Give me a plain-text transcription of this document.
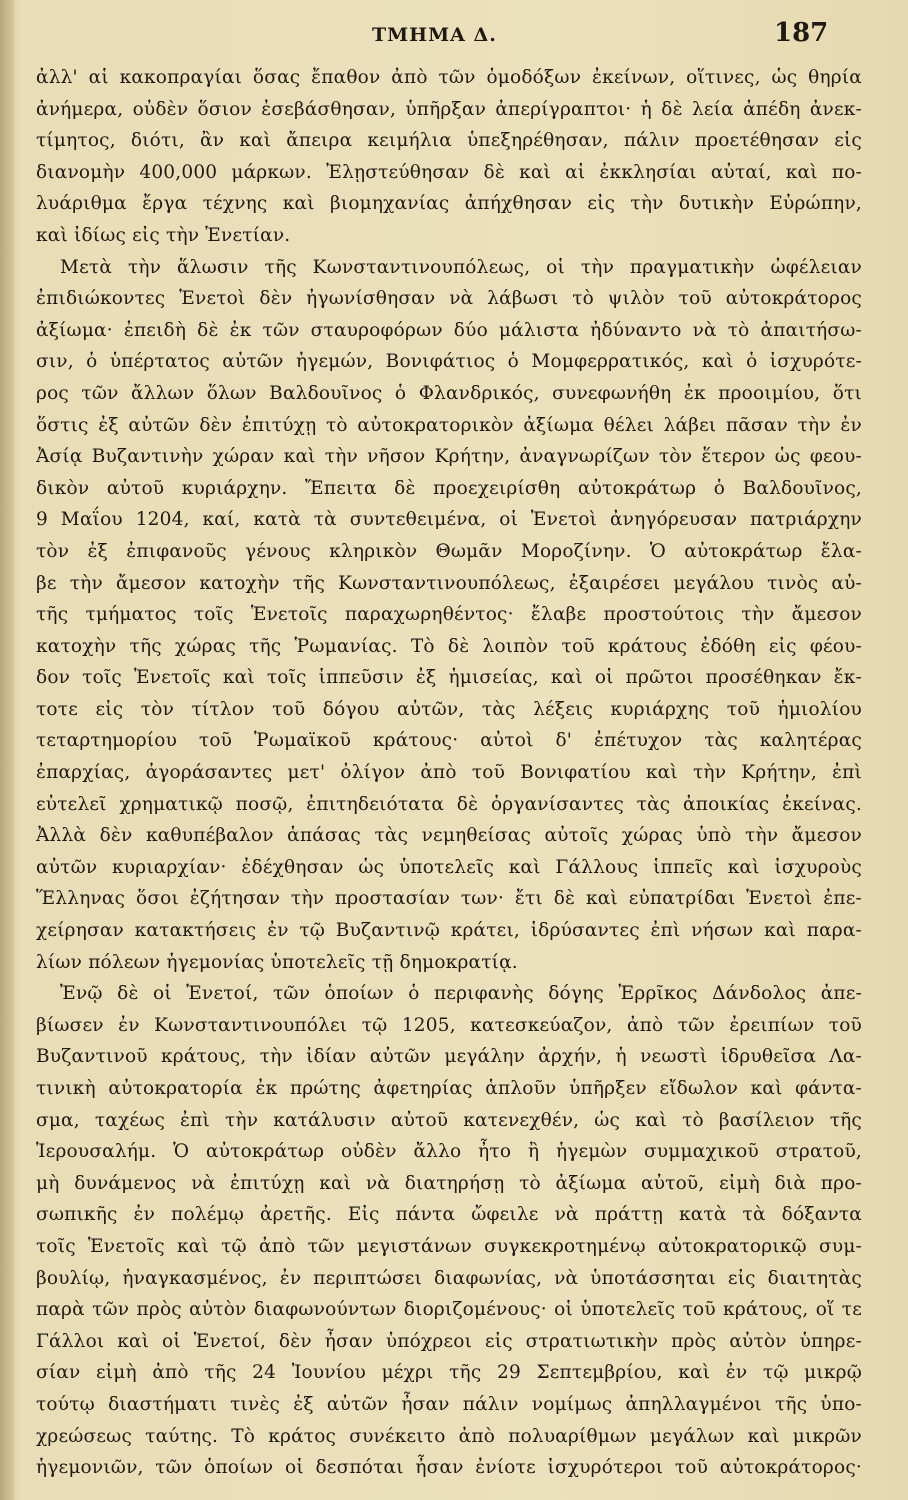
ΤΜΗΜΑ Δ.	187
ἀλλ' αἱ κακοπραγίαι ὅσας ἔπαθον ἀπὸ τῶν ὁμοδόξων ἐκείνων, οἵτινες, ὡς θηρία
ἀνήμερα, οὐδὲν ὅσιον ἐσεβάσθησαν, ὑπῆρξαν ἀπερίγραπτοι· ἡ δὲ λεία ἀπέδη ἀνεκ-
τίμητος, διότι, ἂν καὶ ἄπειρα κειμήλια ὑπεξηρέθησαν, πάλιν προετέθησαν εἰς
διανομὴν 400,000 μάρκων. Ἐλῃστεύθησαν δὲ καὶ αἱ ἐκκλησίαι αὐταί, καὶ πο-
λυάριθμα ἔργα τέχνης καὶ βιομηχανίας ἀπήχθησαν εἰς τὴν δυτικὴν Εὐρώπην,
καὶ ἰδίως εἰς τὴν Ἑνετίαν.
Μετὰ τὴν ἅλωσιν τῆς Κωνσταντινουπόλεως, οἱ τὴν πραγματικὴν ὠφέλειαν
ἐπιδιώκοντες Ἑνετοὶ δὲν ἠγωνίσθησαν νὰ λάβωσι τὸ ψιλὸν τοῦ αὐτοκράτορος
ἀξίωμα· ἐπειδὴ δὲ ἐκ τῶν σταυροφόρων δύο μάλιστα ἠδύναντο νὰ τὸ ἀπαιτήσω-
σιν, ὁ ὑπέρτατος αὐτῶν ἡγεμών, Βονιφάτιος ὁ Μομφερρατικός, καὶ ὁ ἰσχυρότε-
ρος τῶν ἄλλων ὅλων Βαλδουῖνος ὁ Φλανδρικός, συνεφωνήθη ἐκ προοιμίου, ὅτι
ὅστις ἐξ αὐτῶν δὲν ἐπιτύχῃ τὸ αὐτοκρατορικὸν ἀξίωμα θέλει λάβει πᾶσαν τὴν ἐν
Ἀσίᾳ Βυζαντινὴν χώραν καὶ τὴν νῆσον Κρήτην, ἀναγνωρίζων τὸν ἕτερον ὡς φεου-
δικὸν αὐτοῦ κυριάρχην. Ἔπειτα δὲ προεχειρίσθη αὐτοκράτωρ ὁ Βαλδουῖνος,
9 Μαΐου 1204, καί, κατὰ τὰ συντεθειμένα, οἱ Ἑνετοὶ ἀνηγόρευσαν πατριάρχην
τὸν ἐξ ἐπιφανοῦς γένους κληρικὸν Θωμᾶν Μοροζίνην. Ὁ αὐτοκράτωρ ἔλα-
βε τὴν ἄμεσον κατοχὴν τῆς Κωνσταντινουπόλεως, ἐξαιρέσει μεγάλου τινὸς αὐ-
τῆς τμήματος τοῖς Ἑνετοῖς παραχωρηθέντος· ἔλαβε προστούτοις τὴν ἄμεσον
κατοχὴν τῆς χώρας τῆς Ῥωμανίας. Τὸ δὲ λοιπὸν τοῦ κράτους ἐδόθη εἰς φέου-
δον τοῖς Ἑνετοῖς καὶ τοῖς ἱππεῦσιν ἐξ ἡμισείας, καὶ οἱ πρῶτοι προσέθηκαν ἔκ-
τοτε εἰς τὸν τίτλον τοῦ δόγου αὐτῶν, τὰς λέξεις κυριάρχης τοῦ ἡμιολίου
τεταρτημορίου τοῦ Ῥωμαϊκοῦ κράτους· αὐτοὶ δ' ἐπέτυχον τὰς καλητέρας
ἐπαρχίας, ἀγοράσαντες μετ' ὀλίγον ἀπὸ τοῦ Βονιφατίου καὶ τὴν Κρήτην, ἐπὶ
εὐτελεῖ χρηματικῷ ποσῷ, ἐπιτηδειότατα δὲ ὀργανίσαντες τὰς ἀποικίας ἐκείνας.
Ἀλλὰ δὲν καθυπέβαλον ἁπάσας τὰς νεμηθείσας αὐτοῖς χώρας ὑπὸ τὴν ἄμεσον
αὐτῶν κυριαρχίαν· ἐδέχθησαν ὡς ὑποτελεῖς καὶ Γάλλους ἱππεῖς καὶ ἰσχυροὺς
Ἕλληνας ὅσοι ἐζήτησαν τὴν προστασίαν των· ἔτι δὲ καὶ εὐπατρίδαι Ἑνετοὶ ἐπε-
χείρησαν κατακτήσεις ἐν τῷ Βυζαντινῷ κράτει, ἱδρύσαντες ἐπὶ νήσων καὶ παρα-
λίων πόλεων ἡγεμονίας ὑποτελεῖς τῇ δημοκρατίᾳ.
Ἐνῷ δὲ οἱ Ἑνετοί, τῶν ὁποίων ὁ περιφανὴς δόγης Ἐρρῖκος Δάνδολος ἀπε-
βίωσεν ἐν Κωνσταντινουπόλει τῷ 1205, κατεσκεύαζον, ἀπὸ τῶν ἐρειπίων τοῦ
Βυζαντινοῦ κράτους, τὴν ἰδίαν αὐτῶν μεγάλην ἀρχήν, ἡ νεωστὶ ἱδρυθεῖσα Λα-
τινικὴ αὐτοκρατορία ἐκ πρώτης ἀφετηρίας ἁπλοῦν ὑπῆρξεν εἴδωλον καὶ φάντα-
σμα, ταχέως ἐπὶ τὴν κατάλυσιν αὐτοῦ κατενεχθέν, ὡς καὶ τὸ βασίλειον τῆς
Ἱερουσαλήμ. Ὁ αὐτοκράτωρ οὐδὲν ἄλλο ἦτο ἢ ἡγεμὼν συμμαχικοῦ στρατοῦ,
μὴ δυνάμενος νὰ ἐπιτύχῃ καὶ νὰ διατηρήσῃ τὸ ἀξίωμα αὐτοῦ, εἰμὴ διὰ προ-
σωπικῆς ἐν πολέμῳ ἀρετῆς. Εἰς πάντα ὤφειλε νὰ πράττῃ κατὰ τὰ δόξαντα
τοῖς Ἑνετοῖς καὶ τῷ ἀπὸ τῶν μεγιστάνων συγκεκροτημένῳ αὐτοκρατορικῷ συμ-
βουλίῳ, ἠναγκασμένος, ἐν περιπτώσει διαφωνίας, νὰ ὑποτάσσηται εἰς διαιτητὰς
παρὰ τῶν πρὸς αὐτὸν διαφωνούντων διοριζομένους· οἱ ὑποτελεῖς τοῦ κράτους, οἵ τε
Γάλλοι καὶ οἱ Ἑνετοί, δὲν ἦσαν ὑπόχρεοι εἰς στρατιωτικὴν πρὸς αὐτὸν ὑπηρε-
σίαν εἰμὴ ἀπὸ τῆς 24 Ἰουνίου μέχρι τῆς 29 Σεπτεμβρίου, καὶ ἐν τῷ μικρῷ
τούτῳ διαστήματι τινὲς ἐξ αὐτῶν ἦσαν πάλιν νομίμως ἀπηλλαγμένοι τῆς ὑπο-
χρεώσεως ταύτης. Τὸ κράτος συνέκειτο ἀπὸ πολυαρίθμων μεγάλων καὶ μικρῶν
ἡγεμονιῶν, τῶν ὁποίων οἱ δεσπόται ἦσαν ἐνίοτε ἰσχυρότεροι τοῦ αὐτοκράτορος·
